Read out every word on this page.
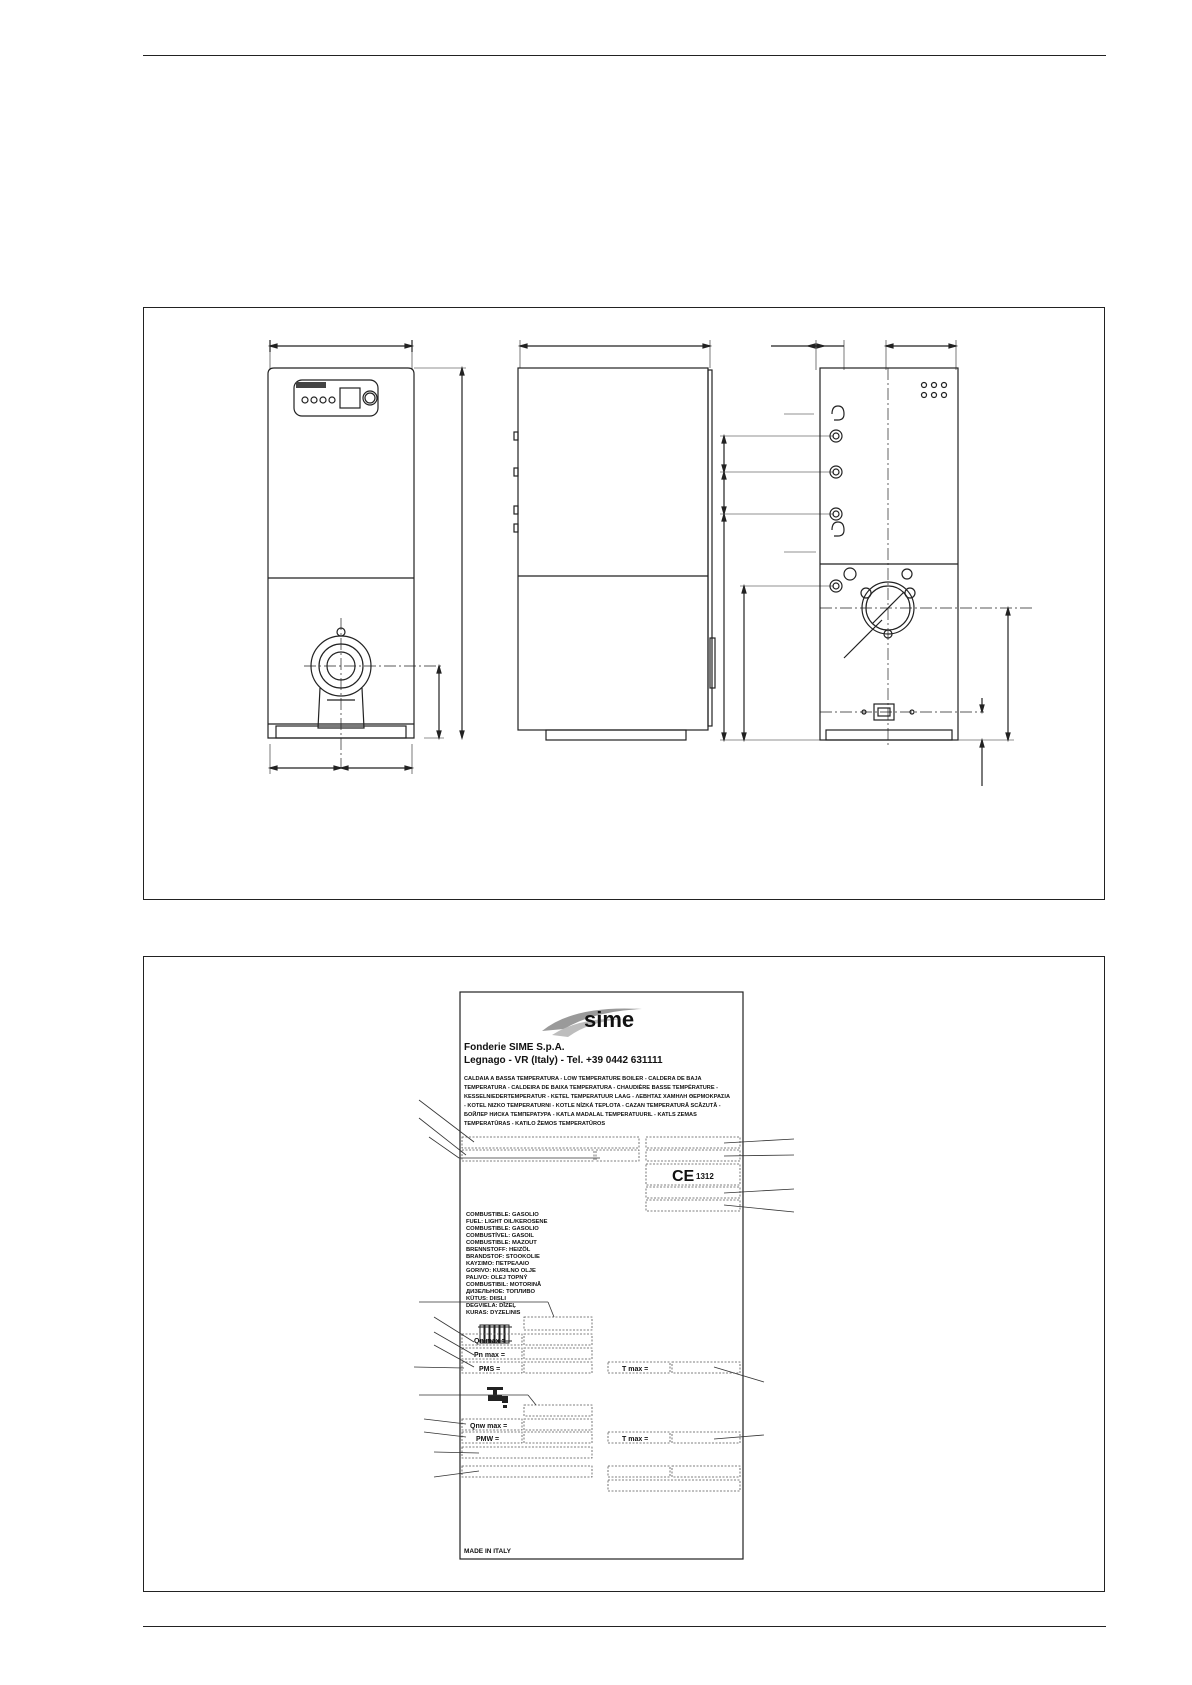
sime
Fonderie SIME S.p.A.
Legnago - VR (Italy) - Tel. +39 0442 631111
CALDAIA A BASSA TEMPERATURA - LOW TEMPERATURE BOILER - CALDERA DE BAJA
TEMPERATURA - CALDEIRA DE BAIXA TEMPERATURA - CHAUDIÈRE BASSE TEMPÉRATURE -
KESSELNIEDERTEMPERATUR - KETEL TEMPERATUUR LAAG - ΛΕΒΗΤΑΣ ΧΑΜΗΛΗ ΘΕΡΜΟΚΡΑΣΙΑ
- KOTEL NIZKO TEMPERATURNI - KOTLE NÍZKÁ TEPLOTA - CAZAN TEMPERATURĂ SCĂZUTĂ -
БОЙЛЕР НИСКА ТЕМПЕРАТУРА - KATLA MADALAL TEMPERATUURIL - KATLS ZEMAS
TEMPERATŪRAS - KATILO ŽEMOS TEMPERATŪROS
CE 1312
COMBUSTIBLE: GASOLIO
FUEL: LIGHT OIL/KEROSENE
COMBUSTIBLE: GASOLIO
COMBUSTÍVEL: GASOIL
COMBUSTIBLE: MAZOUT
BRENNSTOFF: HEIZÖL
BRANDSTOF: STOOKOLIE
ΚΑΥΣΙΜΟ: ΠΕΤΡΕΛΑΙΟ
GORIVO: KURILNO OLJE
PALIVO: OLEJ TOPNÝ
COMBUSTIBIL: MOTORINĂ
ДИЗЕЛЬНОЕ: ТОПЛИВО
KÜTUS: DIISLI
DEGVIELA: DĪZEĻ
KURAS: DYZELINIS
Qn max =
Pn max =
PMS =	T max =
Qnw max =
PMW =	T max =
MADE IN ITALY
